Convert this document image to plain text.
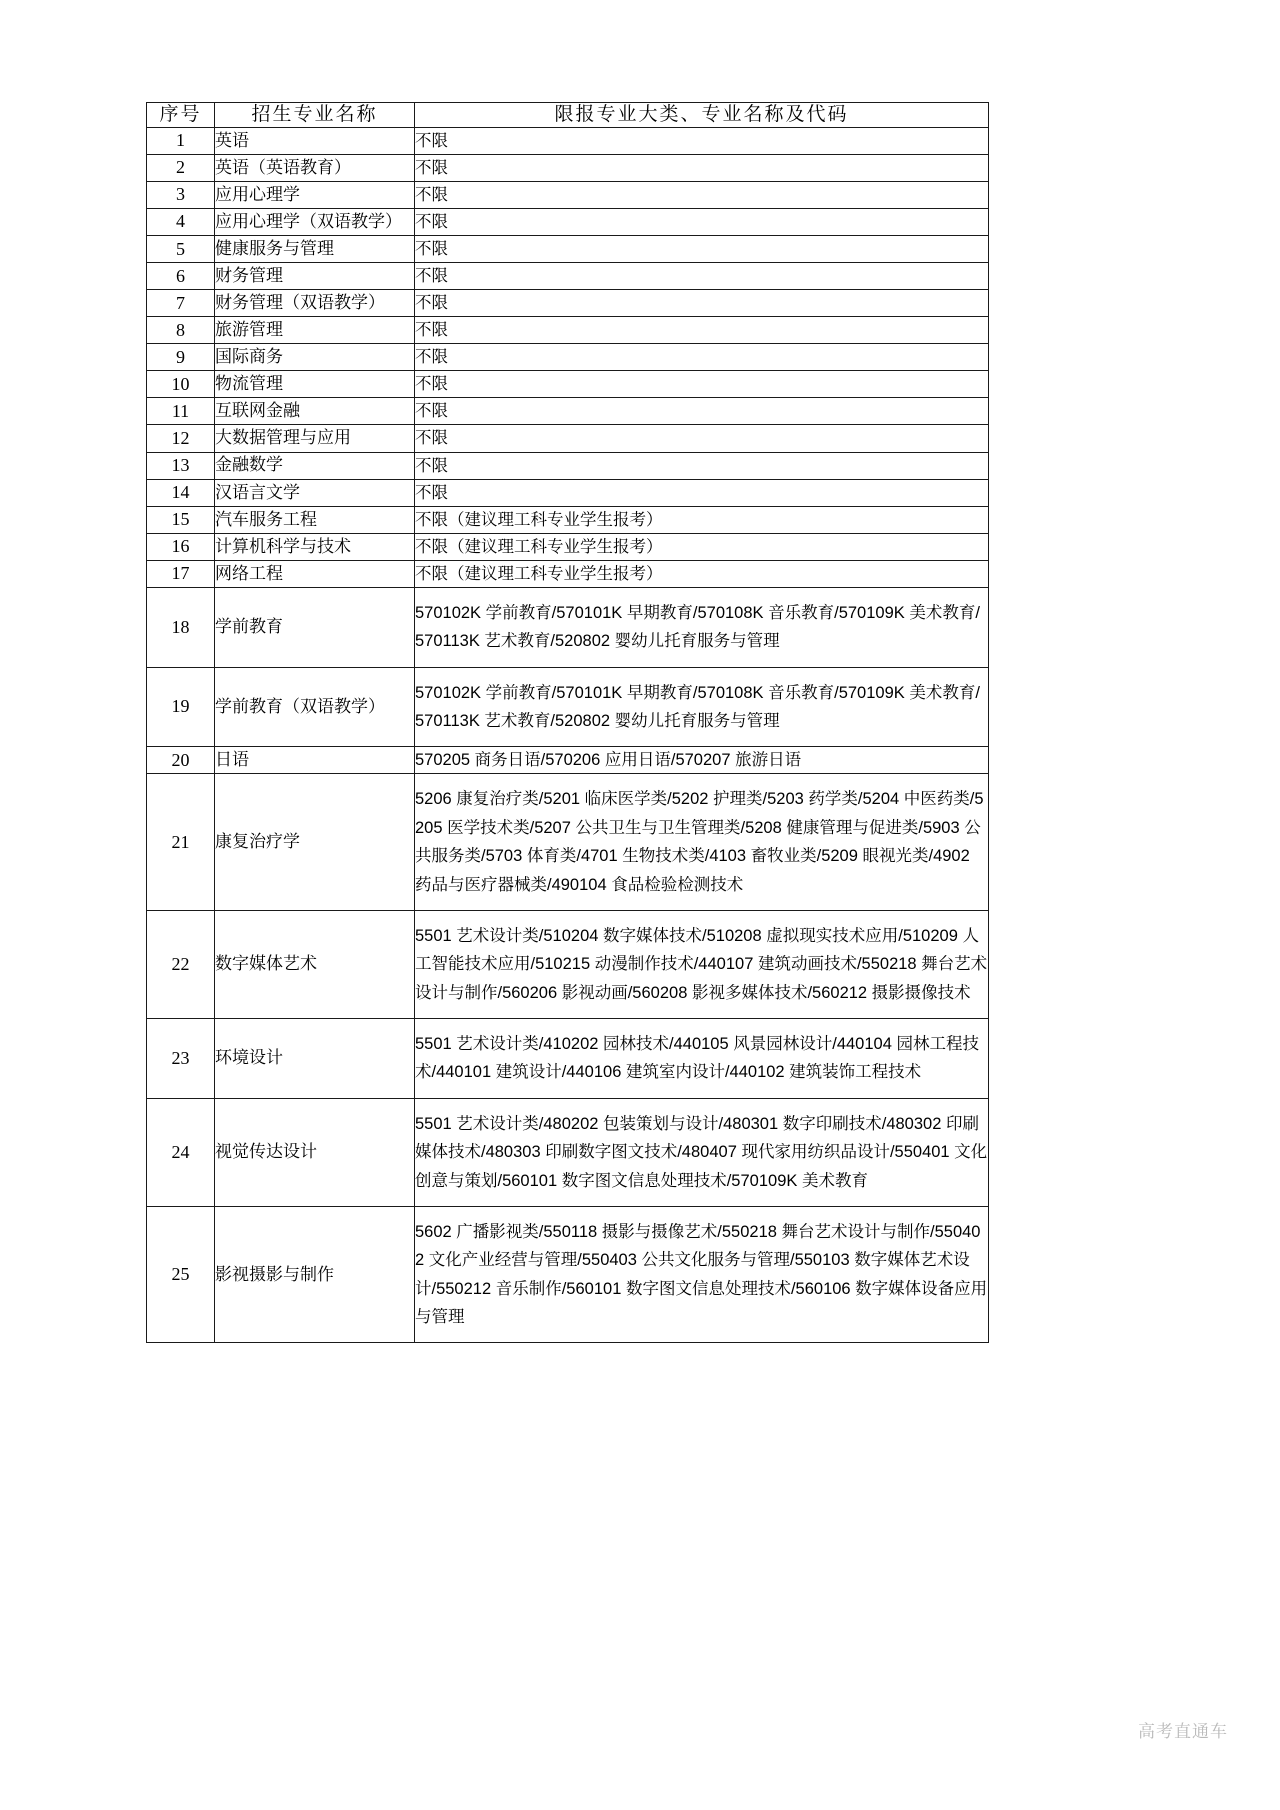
序号	招生专业名称	限报专业大类、专业名称及代码
1	英语	不限
2	英语（英语教育）	不限
3	应用心理学	不限
4	应用心理学（双语教学）	不限
5	健康服务与管理	不限
6	财务管理	不限
7	财务管理（双语教学）	不限
8	旅游管理	不限
9	国际商务	不限
10	物流管理	不限
11	互联网金融	不限
12	大数据管理与应用	不限
13	金融数学	不限
14	汉语言文学	不限
15	汽车服务工程	不限（建议理工科专业学生报考）
16	计算机科学与技术	不限（建议理工科专业学生报考）
17	网络工程	不限（建议理工科专业学生报考）
18	学前教育	570102K 学前教育/570101K 早期教育/570108K 音乐教育/570109K 美术教育/570113K 艺术教育/520802 婴幼儿托育服务与管理
19	学前教育（双语教学）	570102K 学前教育/570101K 早期教育/570108K 音乐教育/570109K 美术教育/570113K 艺术教育/520802 婴幼儿托育服务与管理
20	日语	570205 商务日语/570206 应用日语/570207 旅游日语
21	康复治疗学	5206 康复治疗类/5201 临床医学类/5202 护理类/5203 药学类/5204 中医药类/5205 医学技术类/5207 公共卫生与卫生管理类/5208 健康管理与促进类/5903 公共服务类/5703 体育类/4701 生物技术类/4103 畜牧业类/5209 眼视光类/4902 药品与医疗器械类/490104 食品检验检测技术
22	数字媒体艺术	5501 艺术设计类/510204 数字媒体技术/510208 虚拟现实技术应用/510209 人工智能技术应用/510215 动漫制作技术/440107 建筑动画技术/550218 舞台艺术设计与制作/560206 影视动画/560208 影视多媒体技术/560212 摄影摄像技术
23	环境设计	5501 艺术设计类/410202 园林技术/440105 风景园林设计/440104 园林工程技术/440101 建筑设计/440106 建筑室内设计/440102 建筑装饰工程技术
24	视觉传达设计	5501 艺术设计类/480202 包装策划与设计/480301 数字印刷技术/480302 印刷媒体技术/480303 印刷数字图文技术/480407 现代家用纺织品设计/550401 文化创意与策划/560101 数字图文信息处理技术/570109K 美术教育
25	影视摄影与制作	5602 广播影视类/550118 摄影与摄像艺术/550218 舞台艺术设计与制作/550402 文化产业经营与管理/550403 公共文化服务与管理/550103 数字媒体艺术设计/550212 音乐制作/560101 数字图文信息处理技术/560106 数字媒体设备应用与管理
高考直通车
